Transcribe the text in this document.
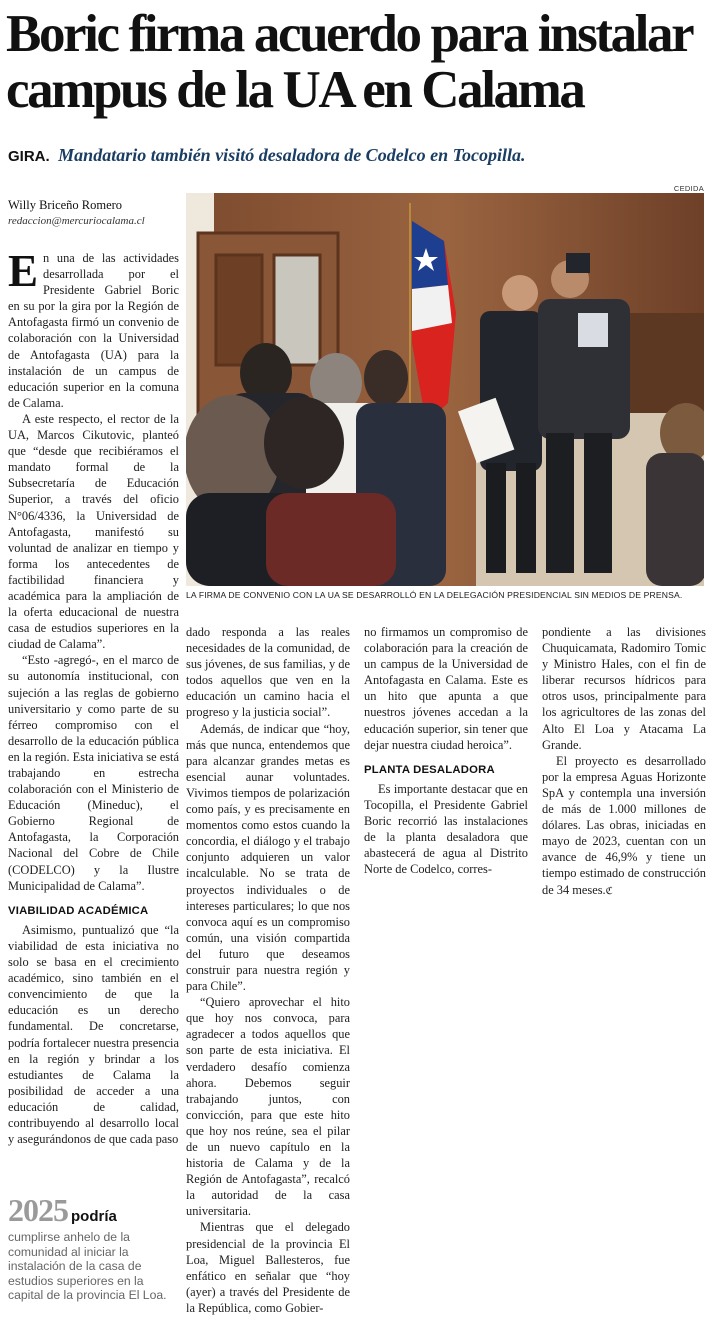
Boric firma acuerdo para instalar campus de la UA en Calama
GIRA. Mandatario también visitó desaladora de Codelco en Tocopilla.
Willy Briceño Romero
redaccion@mercuriocalama.cl
CEDIDA
LA FIRMA DE CONVENIO CON LA UA SE DESARROLLÓ EN LA DELEGACIÓN PRESIDENCIAL SIN MEDIOS DE PRENSA.

En una de las actividades desarrollada por el Presidente Gabriel Boric en su por la gira por la Región de Antofagasta firmó un convenio de colaboración con la Universidad de Antofagasta (UA) para la instalación de un campus de educación superior en la comuna de Calama.

A este respecto, el rector de la UA, Marcos Cikutovic, planteó que “desde que recibiéramos el mandato formal de la Subsecretaría de Educación Superior, a través del oficio N°06/4336, la Universidad de Antofagasta, manifestó su voluntad de analizar en tiempo y forma los antecedentes de factibilidad financiera y académica para la ampliación de la oferta educacional de nuestra casa de estudios superiores en la ciudad de Calama”.

“Esto -agregó-, en el marco de su autonomía institucional, con sujeción a las reglas de gobierno universitario y como parte de su férreo compromiso con el desarrollo de la educación pública en la región. Esta iniciativa se está trabajando en estrecha colaboración con el Ministerio de Educación (Mineduc), el Gobierno Regional de Antofagasta, la Corporación Nacional del Cobre de Chile (CODELCO) y la Ilustre Municipalidad de Calama”.

VIABILIDAD ACADÉMICA

Asimismo, puntualizó que “la viabilidad de esta iniciativa no solo se basa en el crecimiento académico, sino también en el convencimiento de que la educación es un derecho fundamental. De concretarse, podría fortalecer nuestra presencia en la región y brindar a los estudiantes de Calama la posibilidad de acceder a una educación de calidad, contribuyendo al desarrollo local y asegurándonos de que cada paso

dado responda a las reales necesidades de la comunidad, de sus jóvenes, de sus familias, y de todos aquellos que ven en la educación un camino hacia el progreso y la justicia social”.

Además, de indicar que “hoy, más que nunca, entendemos que para alcanzar grandes metas es esencial aunar voluntades. Vivimos tiempos de polarización como país, y es precisamente en momentos como estos cuando la concordia, el diálogo y el trabajo conjunto adquieren un valor incalculable. No se trata de proyectos individuales o de intereses particulares; lo que nos convoca aquí es un compromiso común, una visión compartida del futuro que deseamos construir para nuestra región y para Chile”.

“Quiero aprovechar el hito que hoy nos convoca, para agradecer a todos aquellos que son parte de esta iniciativa. El verdadero desafío comienza ahora. Debemos seguir trabajando juntos, con convicción, para que este hito que hoy nos reúne, sea el pilar de un nuevo capítulo en la historia de Calama y de la Región de Antofagasta”, recalcó la autoridad de la casa universitaria.

Mientras que el delegado presidencial de la provincia El Loa, Miguel Ballesteros, fue enfático en señalar que “hoy (ayer) a través del Presidente de la República, como Gobier-

no firmamos un compromiso de colaboración para la creación de un campus de la Universidad de Antofagasta en Calama. Este es un hito que apunta a que nuestros jóvenes accedan a la educación superior, sin tener que dejar nuestra ciudad heroica”.

PLANTA DESALADORA

Es importante destacar que en Tocopilla, el Presidente Gabriel Boric recorrió las instalaciones de la planta desaladora que abastecerá de agua al Distrito Norte de Codelco, corres-

pondiente a las divisiones Chuquicamata, Radomiro Tomic y Ministro Hales, con el fin de liberar recursos hídricos para otros usos, principalmente para los agricultores de las zonas del Alto El Loa y Atacama La Grande.

El proyecto es desarrollado por la empresa Aguas Horizonte SpA y contempla una inversión de más de 1.000 millones de dólares. Las obras, iniciadas en mayo de 2023, cuentan con un avance de 46,9% y tiene un tiempo estimado de construcción de 34 meses.ℭ

2025 podría
cumplirse anhelo de la comunidad al iniciar la instalación de la casa de estudios superiores en la capital de la provincia El Loa.
